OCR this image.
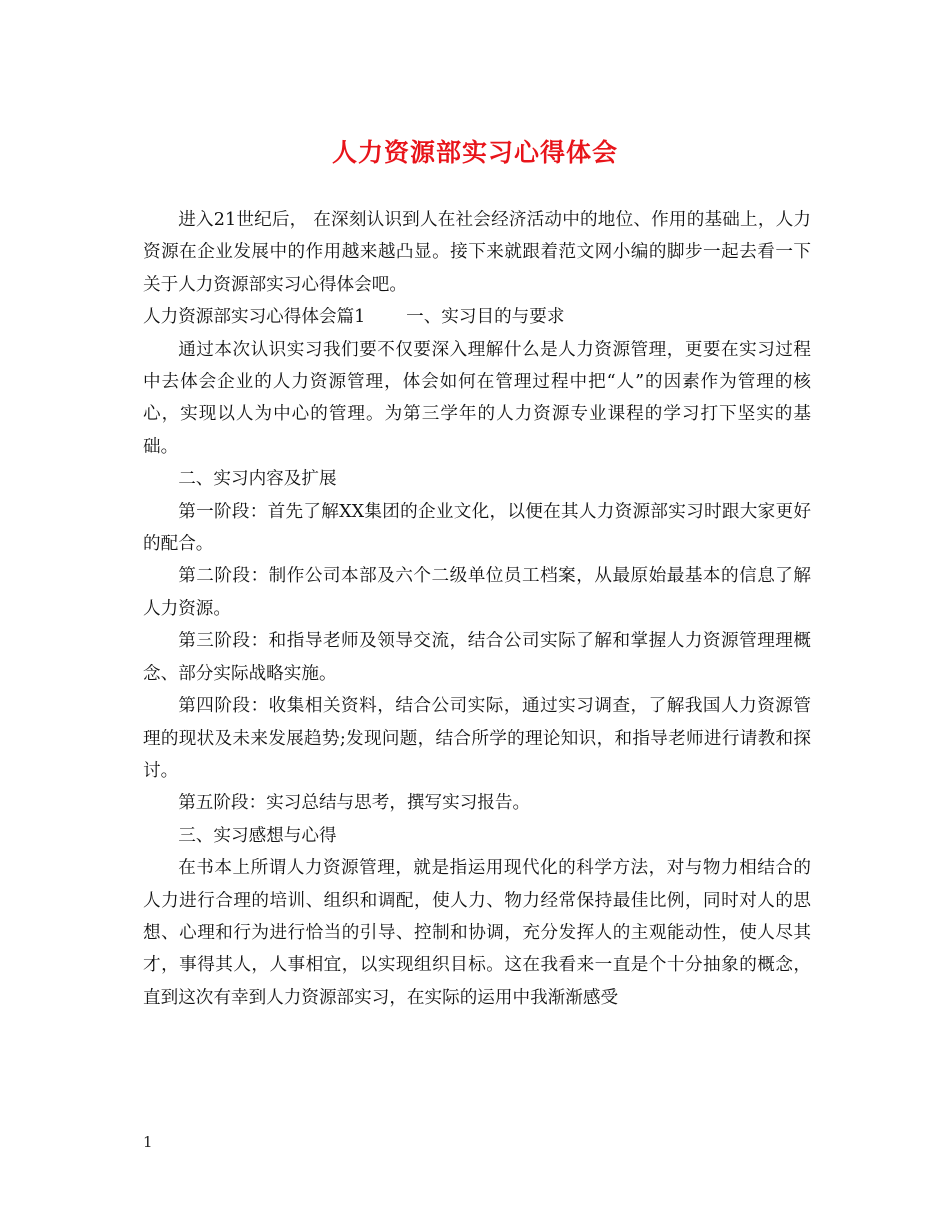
人力资源部实习心得体会

进入21世纪后， 在深刻认识到人在社会经济活动中的地位、作用的基础上，人力资源在企业发展中的作用越来越凸显。接下来就跟着范文网小编的脚步一起去看一下关于人力资源部实习心得体会吧。

人力资源部实习心得体会篇1　　 一、实习目的与要求

通过本次认识实习我们要不仅要深入理解什么是人力资源管理，更要在实习过程中去体会企业的人力资源管理，体会如何在管理过程中把“人”的因素作为管理的核心，实现以人为中心的管理。为第三学年的人力资源专业课程的学习打下坚实的基础。

二、实习内容及扩展

第一阶段：首先了解XX集团的企业文化，以便在其人力资源部实习时跟大家更好的配合。

第二阶段：制作公司本部及六个二级单位员工档案，从最原始最基本的信息了解人力资源。

第三阶段：和指导老师及领导交流，结合公司实际了解和掌握人力资源管理理概念、部分实际战略实施。

第四阶段：收集相关资料，结合公司实际，通过实习调查，了解我国人力资源管理的现状及未来发展趋势;发现问题，结合所学的理论知识，和指导老师进行请教和探讨。

第五阶段：实习总结与思考，撰写实习报告。

三、实习感想与心得

在书本上所谓人力资源管理，就是指运用现代化的科学方法，对与物力相结合的人力进行合理的培训、组织和调配，使人力、物力经常保持最佳比例，同时对人的思想、心理和行为进行恰当的引导、控制和协调，充分发挥人的主观能动性，使人尽其才，事得其人，人事相宜，以实现组织目标。这在我看来一直是个十分抽象的概念，直到这次有幸到人力资源部实习，在实际的运用中我渐渐感受

1
